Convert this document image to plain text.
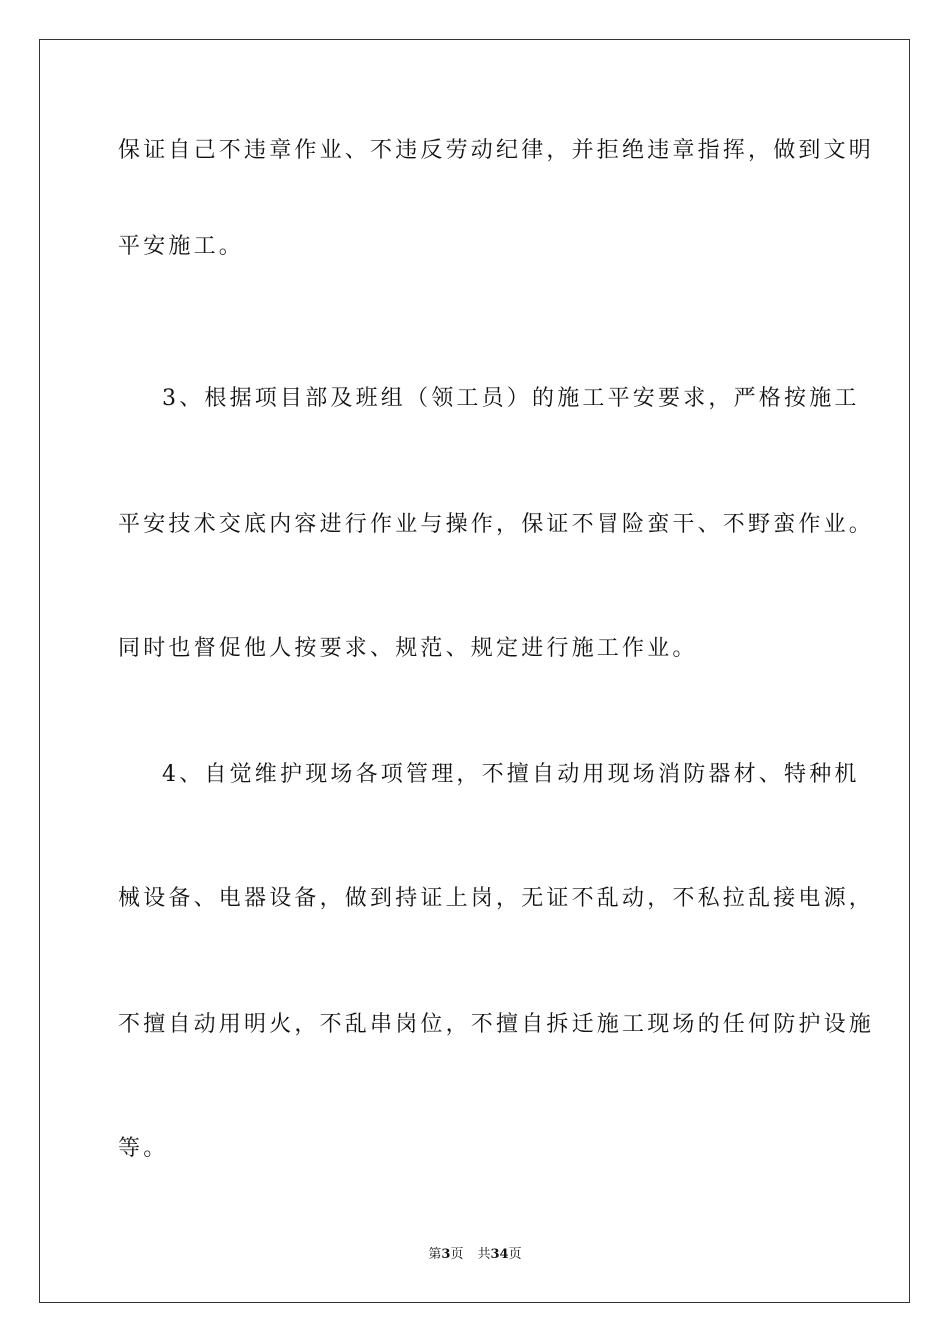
保证自己不违章作业、不违反劳动纪律，并拒绝违章指挥，做到文明
平安施工。
3、根据项目部及班组（领工员）的施工平安要求，严格按施工
平安技术交底内容进行作业与操作，保证不冒险蛮干、不野蛮作业。
同时也督促他人按要求、规范、规定进行施工作业。
4、自觉维护现场各项管理，不擅自动用现场消防器材、特种机
械设备、电器设备，做到持证上岗，无证不乱动，不私拉乱接电源，
不擅自动用明火，不乱串岗位，不擅自拆迁施工现场的任何防护设施
等。
第3页 共34页
